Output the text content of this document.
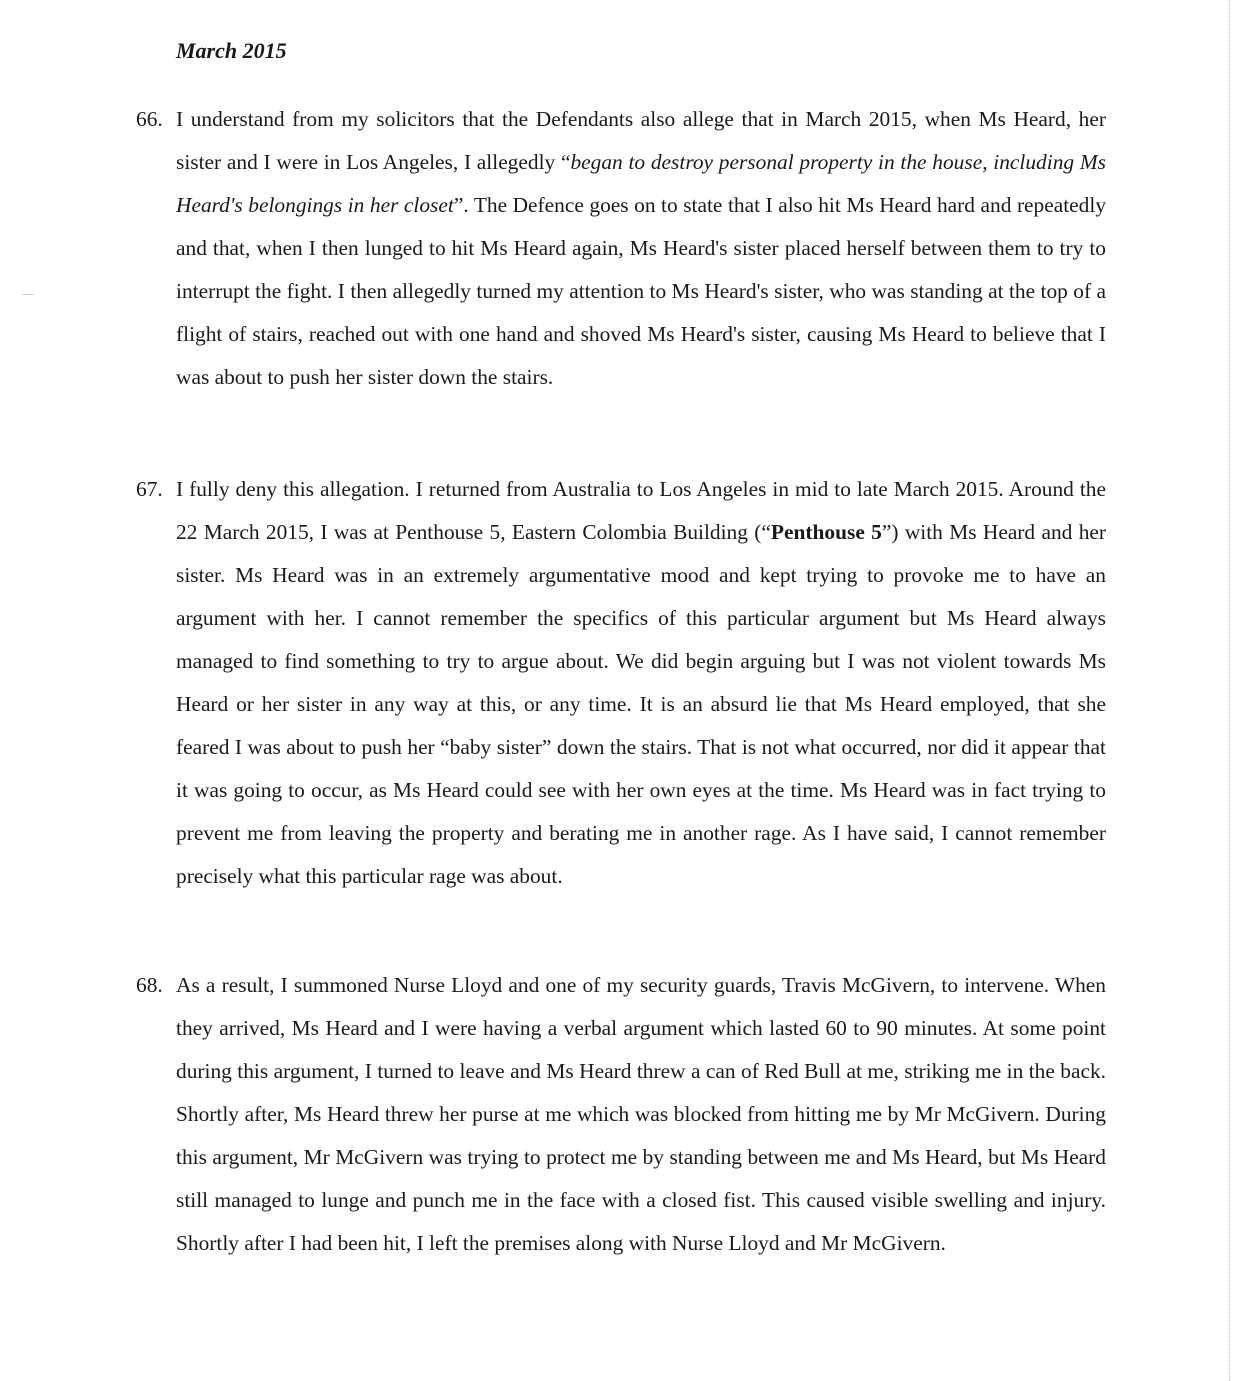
March 2015
66. I understand from my solicitors that the Defendants also allege that in March 2015, when Ms Heard, her sister and I were in Los Angeles, I allegedly “began to destroy personal property in the house, including Ms Heard's belongings in her closet”. The Defence goes on to state that I also hit Ms Heard hard and repeatedly and that, when I then lunged to hit Ms Heard again, Ms Heard's sister placed herself between them to try to interrupt the fight. I then allegedly turned my attention to Ms Heard's sister, who was standing at the top of a flight of stairs, reached out with one hand and shoved Ms Heard's sister, causing Ms Heard to believe that I was about to push her sister down the stairs.
67. I fully deny this allegation. I returned from Australia to Los Angeles in mid to late March 2015. Around the 22 March 2015, I was at Penthouse 5, Eastern Colombia Building (“Penthouse 5”) with Ms Heard and her sister. Ms Heard was in an extremely argumentative mood and kept trying to provoke me to have an argument with her. I cannot remember the specifics of this particular argument but Ms Heard always managed to find something to try to argue about. We did begin arguing but I was not violent towards Ms Heard or her sister in any way at this, or any time. It is an absurd lie that Ms Heard employed, that she feared I was about to push her “baby sister” down the stairs. That is not what occurred, nor did it appear that it was going to occur, as Ms Heard could see with her own eyes at the time. Ms Heard was in fact trying to prevent me from leaving the property and berating me in another rage. As I have said, I cannot remember precisely what this particular rage was about.
68. As a result, I summoned Nurse Lloyd and one of my security guards, Travis McGivern, to intervene. When they arrived, Ms Heard and I were having a verbal argument which lasted 60 to 90 minutes. At some point during this argument, I turned to leave and Ms Heard threw a can of Red Bull at me, striking me in the back. Shortly after, Ms Heard threw her purse at me which was blocked from hitting me by Mr McGivern. During this argument, Mr McGivern was trying to protect me by standing between me and Ms Heard, but Ms Heard still managed to lunge and punch me in the face with a closed fist. This caused visible swelling and injury. Shortly after I had been hit, I left the premises along with Nurse Lloyd and Mr McGivern.
